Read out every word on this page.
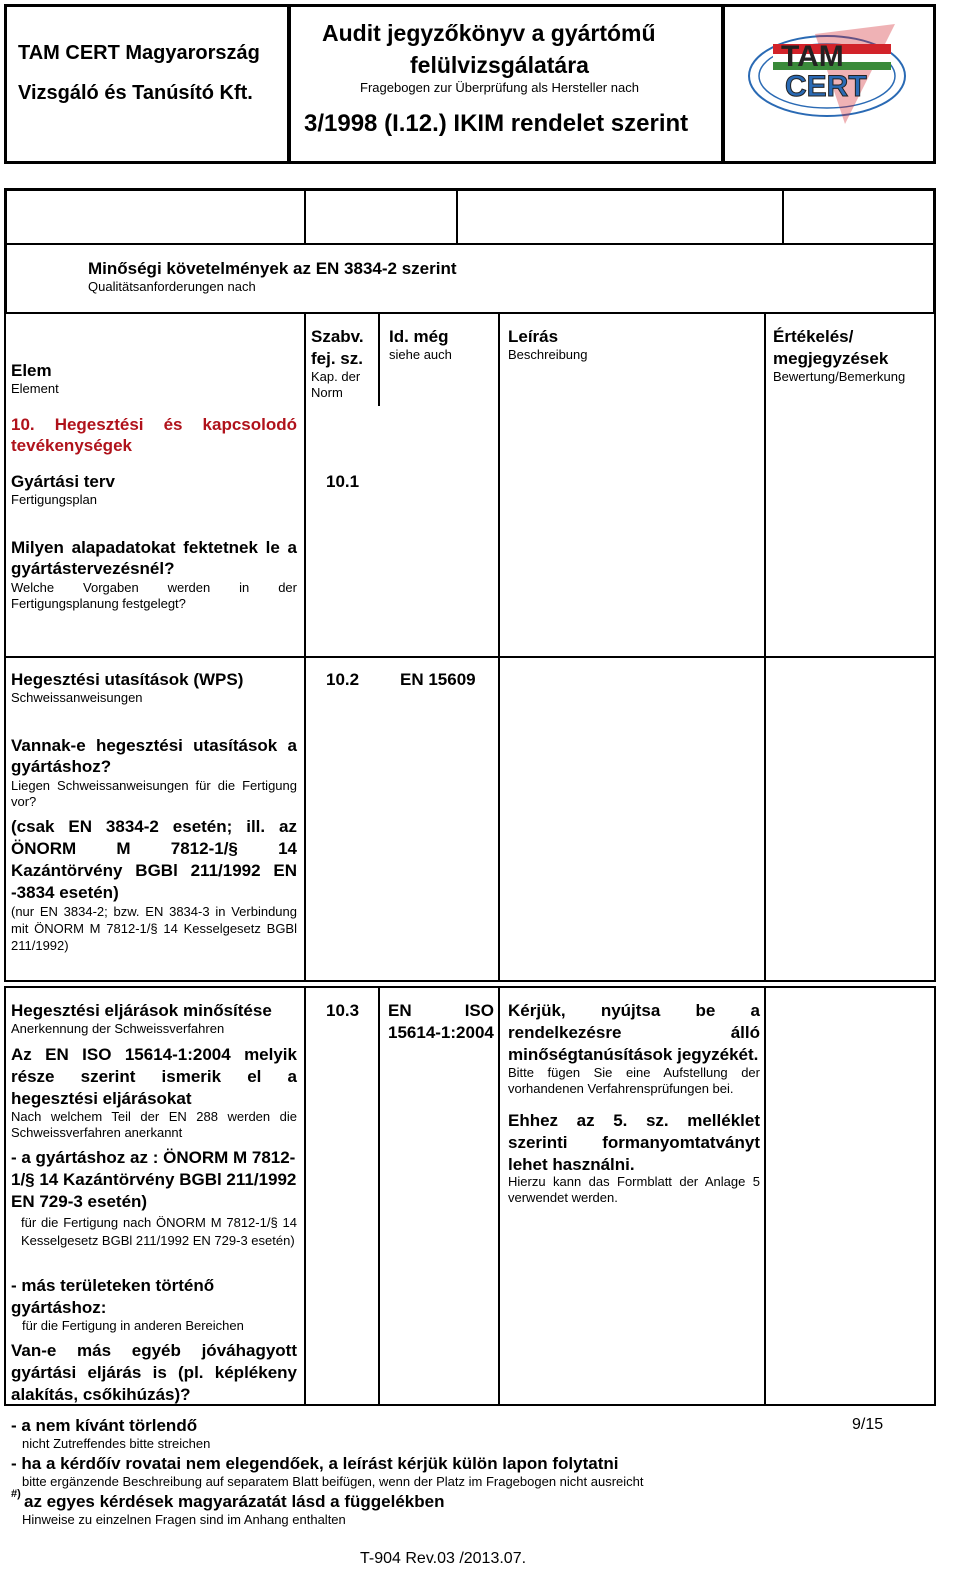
TAM CERT Magyarország
Vizsgáló és Tanúsító Kft.
Audit jegyzőkönyv a gyártómű
felülvizsgálatára
Fragebogen zur Überprüfung als Hersteller nach
3/1998 (I.12.) IKIM rendelet szerint
TAM
CERT
Minőségi követelmények az EN 3834-2 szerint
Qualitätsanforderungen nach
Elem
Element
Szabv.
fej. sz.
Kap. der
Norm
Id. még
siehe auch
Leírás
Beschreibung
Értékelés/
megjegyzések
Bewertung/Bemerkung
10. Hegesztési és kapcsolodó tevékenységek
Gyártási terv
Fertigungsplan
10.1
Milyen alapadatokat fektetnek le a gyártástervezésnél?
Welche Vorgaben werden in der Fertigungsplanung festgelegt?
Hegesztési utasítások (WPS)
Schweissanweisungen
10.2 EN 15609
Vannak-e hegesztési utasítások a gyártáshoz?
Liegen Schweissanweisungen für die Fertigung vor?
(csak EN 3834-2 esetén; ill. az ÖNORM M 7812-1/§ 14 Kazántörvény BGBl 211/1992 EN -3834 esetén)
(nur EN 3834-2; bzw. EN 3834-3 in Verbindung mit ÖNORM M 7812-1/§ 14 Kesselgesetz BGBl 211/1992)
Hegesztési eljárások minősítése
Anerkennung der Schweissverfahren
Az EN ISO 15614-1:2004 melyik része szerint ismerik el a hegesztési eljárásokat
Nach welchem Teil der EN 288 werden die Schweissverfahren anerkannt
- a gyártáshoz az : ÖNORM M 7812-1/§ 14 Kazántörvény BGBl 211/1992 EN 729-3 esetén)
für die Fertigung nach ÖNORM M 7812-1/§ 14 Kesselgesetz BGBl 211/1992 EN 729-3 esetén)
- más területeken történő gyártáshoz:
für die Fertigung in anderen Bereichen
Van-e más egyéb jóváhagyott gyártási eljárás is (pl. képlékeny alakítás, csőkihúzás)?
10.3 EN ISO 15614-1:2004
Kérjük, nyújtsa be a rendelkezésre álló minőségtanúsítások jegyzékét.
Bitte fügen Sie eine Aufstellung der vorhandenen Verfahrensprüfungen bei.
Ehhez az 5. sz. melléklet szerinti formanyomtatványt lehet használni.
Hierzu kann das Formblatt der Anlage 5 verwendet werden.
- a nem kívánt törlendő
nicht Zutreffendes bitte streichen
- ha a kérdőív rovatai nem elegendőek, a leírást kérjük külön lapon folytatni
bitte ergänzende Beschreibung auf separatem Blatt beifügen, wenn der Platz im Fragebogen nicht ausreicht
#) az egyes kérdések magyarázatát lásd a függelékben
Hinweise zu einzelnen Fragen sind im Anhang enthalten
9/15
T-904 Rev.03 /2013.07.
